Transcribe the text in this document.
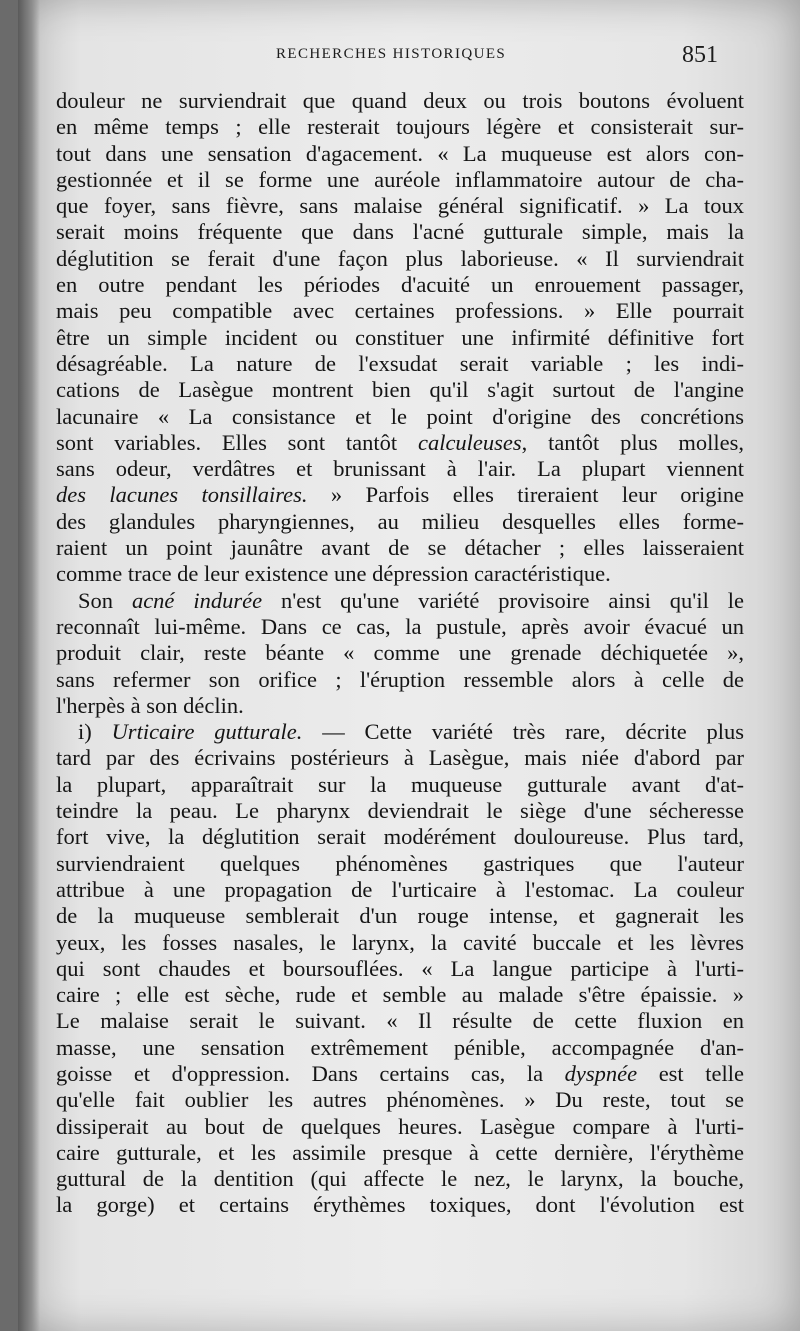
RECHERCHES HISTORIQUES	851
douleur ne surviendrait que quand deux ou trois boutons évoluent
en même temps ; elle resterait toujours légère et consisterait sur-
tout dans une sensation d'agacement. « La muqueuse est alors con-
gestionnée et il se forme une auréole inflammatoire autour de cha-
que foyer, sans fièvre, sans malaise général significatif. » La toux
serait moins fréquente que dans l'acné gutturale simple, mais la
déglutition se ferait d'une façon plus laborieuse. « Il surviendrait
en outre pendant les périodes d'acuité un enrouement passager,
mais peu compatible avec certaines professions. » Elle pourrait
être un simple incident ou constituer une infirmité définitive fort
désagréable. La nature de l'exsudat serait variable ; les indi-
cations de Lasègue montrent bien qu'il s'agit surtout de l'angine
lacunaire « La consistance et le point d'origine des concrétions
sont variables. Elles sont tantôt calculeuses, tantôt plus molles,
sans odeur, verdâtres et brunissant à l'air. La plupart viennent
des lacunes tonsillaires. » Parfois elles tireraient leur origine
des glandules pharyngiennes, au milieu desquelles elles forme-
raient un point jaunâtre avant de se détacher ; elles laisseraient
comme trace de leur existence une dépression caractéristique.
Son acné indurée n'est qu'une variété provisoire ainsi qu'il le
reconnaît lui-même. Dans ce cas, la pustule, après avoir évacué un
produit clair, reste béante « comme une grenade déchiquetée »,
sans refermer son orifice ; l'éruption ressemble alors à celle de
l'herpès à son déclin.
i) Urticaire gutturale. — Cette variété très rare, décrite plus
tard par des écrivains postérieurs à Lasègue, mais niée d'abord par
la plupart, apparaîtrait sur la muqueuse gutturale avant d'at-
teindre la peau. Le pharynx deviendrait le siège d'une sécheresse
fort vive, la déglutition serait modérément douloureuse. Plus tard,
surviendraient quelques phénomènes gastriques que l'auteur
attribue à une propagation de l'urticaire à l'estomac. La couleur
de la muqueuse semblerait d'un rouge intense, et gagnerait les
yeux, les fosses nasales, le larynx, la cavité buccale et les lèvres
qui sont chaudes et boursouflées. « La langue participe à l'urti-
caire ; elle est sèche, rude et semble au malade s'être épaissie. »
Le malaise serait le suivant. « Il résulte de cette fluxion en
masse, une sensation extrêmement pénible, accompagnée d'an-
goisse et d'oppression. Dans certains cas, la dyspnée est telle
qu'elle fait oublier les autres phénomènes. » Du reste, tout se
dissiperait au bout de quelques heures. Lasègue compare à l'urti-
caire gutturale, et les assimile presque à cette dernière, l'érythème
guttural de la dentition (qui affecte le nez, le larynx, la bouche,
la gorge) et certains érythèmes toxiques, dont l'évolution est
